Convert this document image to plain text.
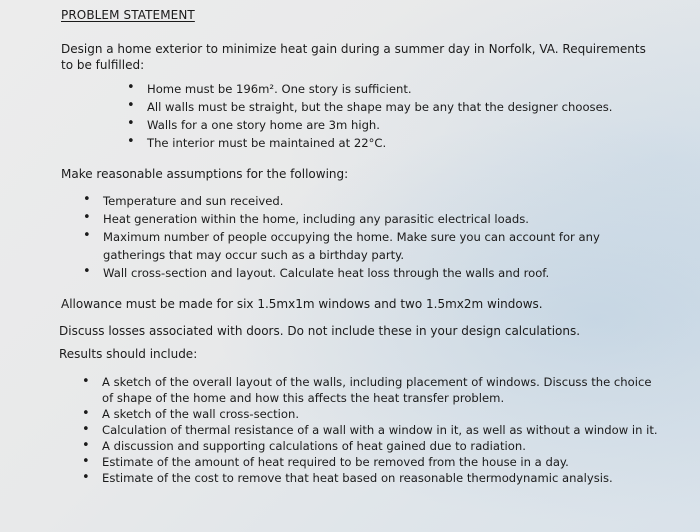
PROBLEM STATEMENT
Design a home exterior to minimize heat gain during a summer day in Norfolk, VA. Requirements to be fulfilled:
• Home must be 196m². One story is sufficient.
• All walls must be straight, but the shape may be any that the designer chooses.
• Walls for a one story home are 3m high.
• The interior must be maintained at 22°C.
Make reasonable assumptions for the following:
• Temperature and sun received.
• Heat generation within the home, including any parasitic electrical loads.
• Maximum number of people occupying the home. Make sure you can account for any
gatherings that may occur such as a birthday party.
• Wall cross-section and layout. Calculate heat loss through the walls and roof.
Allowance must be made for six 1.5mx1m windows and two 1.5mx2m windows.
Discuss losses associated with doors. Do not include these in your design calculations.
Results should include:
• A sketch of the overall layout of the walls, including placement of windows. Discuss the choice
of shape of the home and how this affects the heat transfer problem.
• A sketch of the wall cross-section.
• Calculation of thermal resistance of a wall with a window in it, as well as without a window in it.
• A discussion and supporting calculations of heat gained due to radiation.
• Estimate of the amount of heat required to be removed from the house in a day.
• Estimate of the cost to remove that heat based on reasonable thermodynamic analysis.
